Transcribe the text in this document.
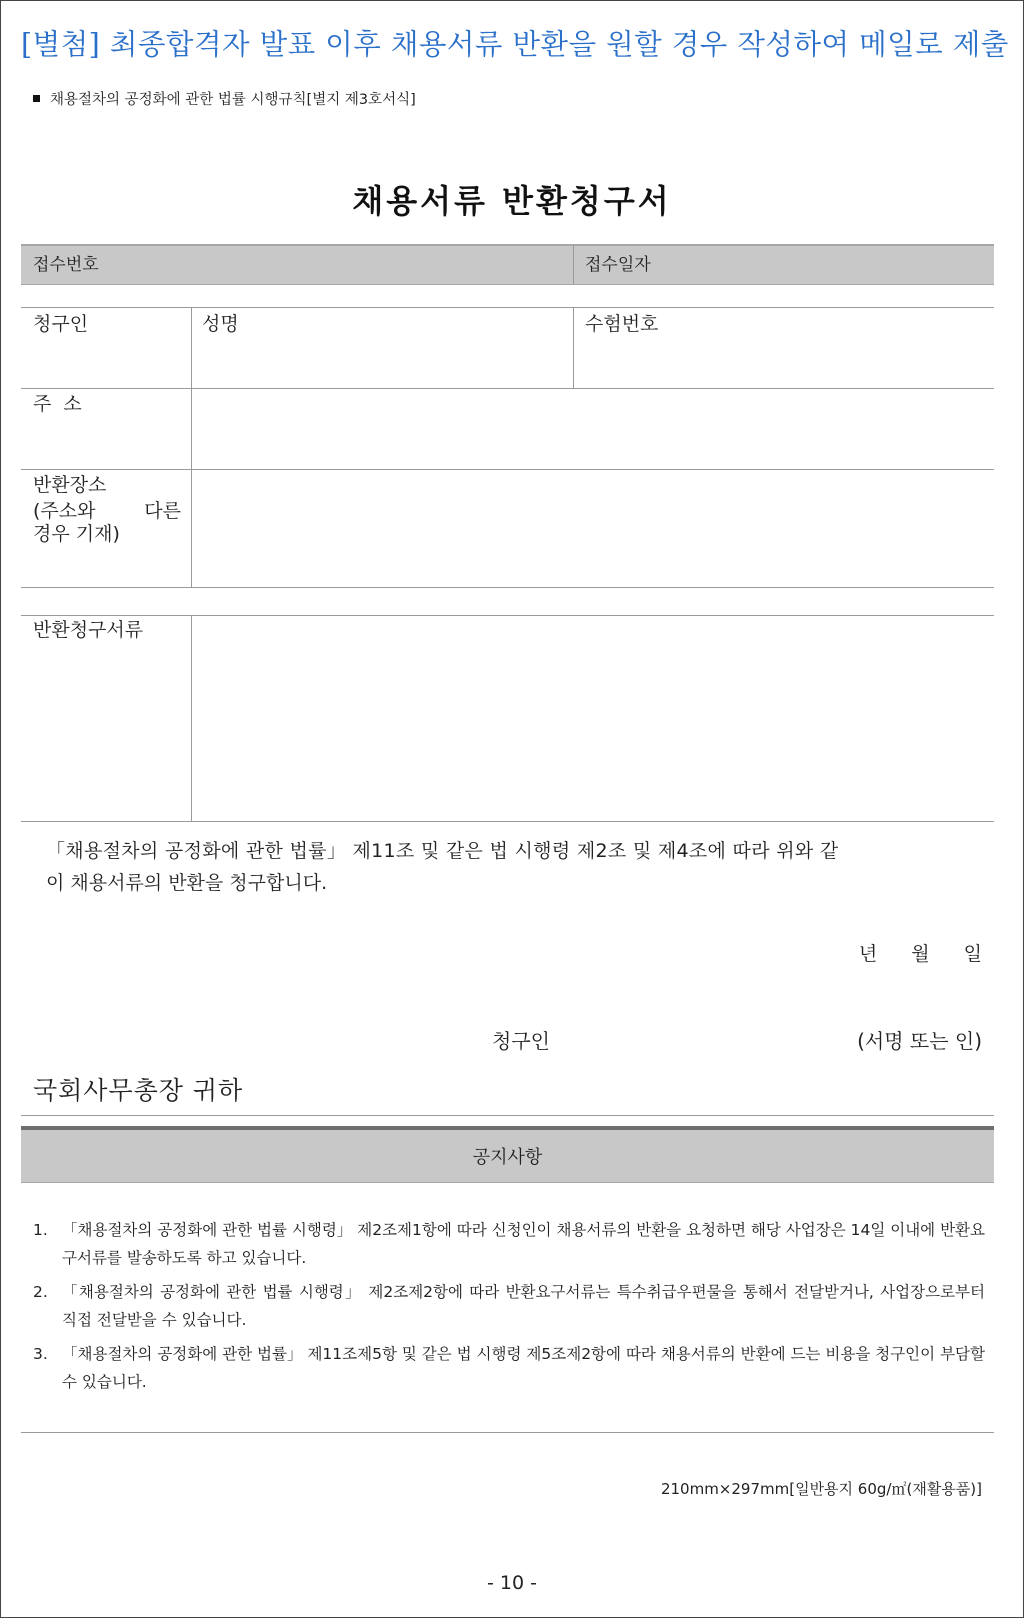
[별첨] 최종합격자 발표 이후 채용서류 반환을 원할 경우 작성하여 메일로 제출
채용절차의 공정화에 관한 법률 시행규칙[별지 제3호서식]
채용서류 반환청구서
접수번호	접수일자
청구인	성명	수험번호
주  소
반환장소
(주소와 다른
경우 기재)
반환청구서류
「채용절차의 공정화에 관한 법률」 제11조 및 같은 법 시행령 제2조 및 제4조에 따라 위와 같
이 채용서류의 반환을 청구합니다.
년 월 일
청구인	(서명 또는 인)
국회사무총장 귀하
공지사항
1. 「채용절차의 공정화에 관한 법률 시행령」 제2조제1항에 따라 신청인이 채용서류의 반환을 요청하면 해당 사업장은 14일 이내에 반환요구서류를 발송하도록 하고 있습니다.
2. 「채용절차의 공정화에 관한 법률 시행령」 제2조제2항에 따라 반환요구서류는 특수취급우편물을 통해서 전달받거나, 사업장으로부터 직접 전달받을 수 있습니다.
3. 「채용절차의 공정화에 관한 법률」 제11조제5항 및 같은 법 시행령 제5조제2항에 따라 채용서류의 반환에 드는 비용을 청구인이 부담할 수 있습니다.
210mm×297mm[일반용지 60g/㎡(재활용품)]
- 10 -
